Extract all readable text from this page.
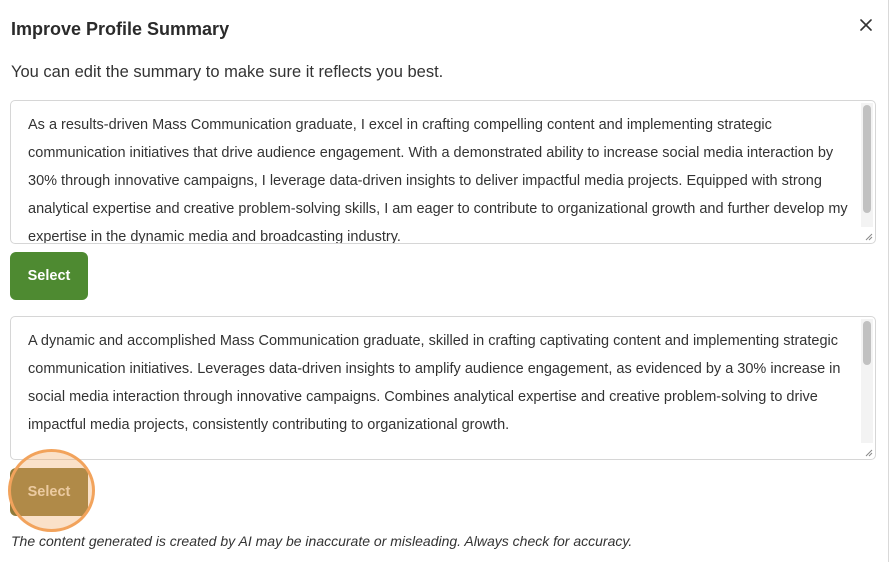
Improve Profile Summary
You can edit the summary to make sure it reflects you best.
As a results-driven Mass Communication graduate, I excel in crafting compelling content and implementing strategic communication initiatives that drive audience engagement. With a demonstrated ability to increase social media interaction by 30% through innovative campaigns, I leverage data-driven insights to deliver impactful media projects. Equipped with strong analytical expertise and creative problem-solving skills, I am eager to contribute to organizational growth and further develop my expertise in the dynamic media and broadcasting industry.
Select
A dynamic and accomplished Mass Communication graduate, skilled in crafting captivating content and implementing strategic communication initiatives. Leverages data-driven insights to amplify audience engagement, as evidenced by a 30% increase in social media interaction through innovative campaigns. Combines analytical expertise and creative problem-solving to drive impactful media projects, consistently contributing to organizational growth.
Select
The content generated is created by AI may be inaccurate or misleading. Always check for accuracy.
